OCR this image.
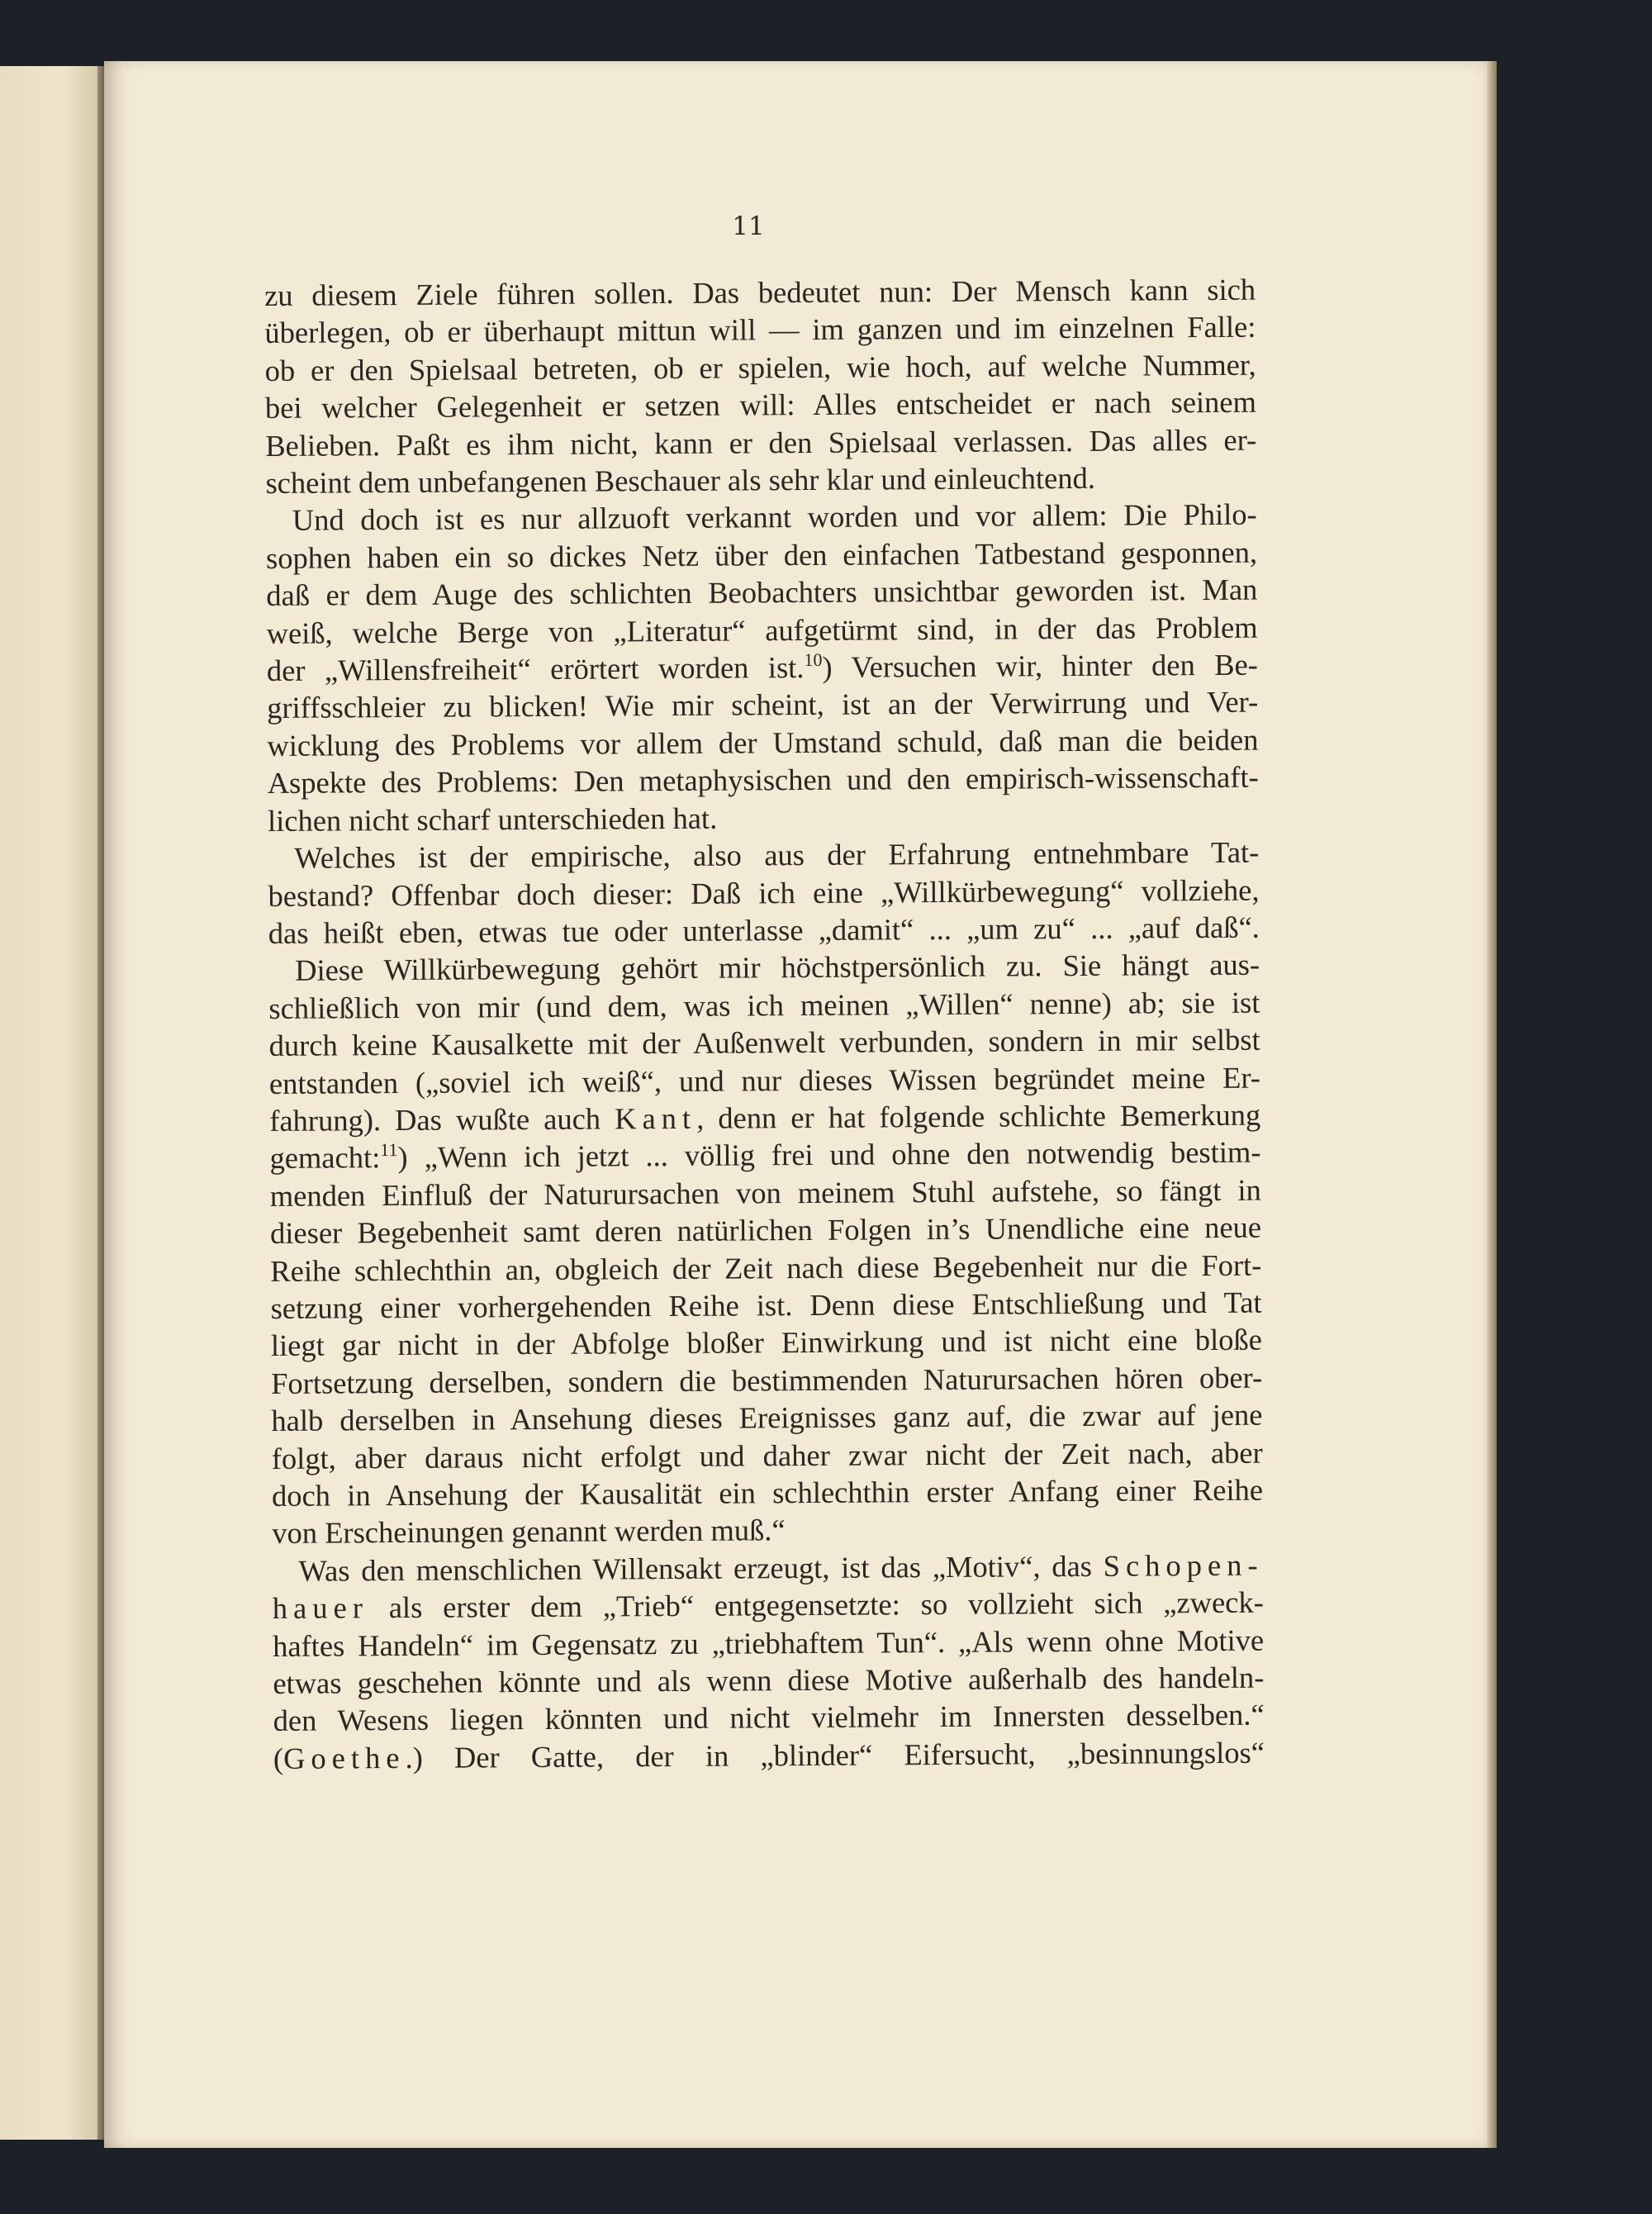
11
zu diesem Ziele führen sollen. Das bedeutet nun: Der Mensch kann sich
überlegen, ob er überhaupt mittun will — im ganzen und im einzelnen Falle:
ob er den Spielsaal betreten, ob er spielen, wie hoch, auf welche Nummer,
bei welcher Gelegenheit er setzen will: Alles entscheidet er nach seinem
Belieben. Paßt es ihm nicht, kann er den Spielsaal verlassen. Das alles er-
scheint dem unbefangenen Beschauer als sehr klar und einleuchtend.
Und doch ist es nur allzuoft verkannt worden und vor allem: Die Philo-
sophen haben ein so dickes Netz über den einfachen Tatbestand gesponnen,
daß er dem Auge des schlichten Beobachters unsichtbar geworden ist. Man
weiß, welche Berge von „Literatur“ aufgetürmt sind, in der das Problem
der „Willensfreiheit“ erörtert worden ist.$^{10}$) Versuchen wir, hinter den Be-
griffsschleier zu blicken! Wie mir scheint, ist an der Verwirrung und Ver-
wicklung des Problems vor allem der Umstand schuld, daß man die beiden
Aspekte des Problems: Den metaphysischen und den empirisch-wissenschaft-
lichen nicht scharf unterschieden hat.
Welches ist der empirische, also aus der Erfahrung entnehmbare Tat-
bestand? Offenbar doch dieser: Daß ich eine „Willkürbewegung“ vollziehe,
das heißt eben, etwas tue oder unterlasse „damit“ ... „um zu“ ... „auf daß“.
Diese Willkürbewegung gehört mir höchstpersönlich zu. Sie hängt aus-
schließlich von mir (und dem, was ich meinen „Willen“ nenne) ab; sie ist
durch keine Kausalkette mit der Außenwelt verbunden, sondern in mir selbst
entstanden („soviel ich weiß“, und nur dieses Wissen begründet meine Er-
fahrung). Das wußte auch Kant, denn er hat folgende schlichte Bemerkung
gemacht:$^{11}$) „Wenn ich jetzt ... völlig frei und ohne den notwendig bestim-
menden Einfluß der Naturursachen von meinem Stuhl aufstehe, so fängt in
dieser Begebenheit samt deren natürlichen Folgen in’s Unendliche eine neue
Reihe schlechthin an, obgleich der Zeit nach diese Begebenheit nur die Fort-
setzung einer vorhergehenden Reihe ist. Denn diese Entschließung und Tat
liegt gar nicht in der Abfolge bloßer Einwirkung und ist nicht eine bloße
Fortsetzung derselben, sondern die bestimmenden Naturursachen hören ober-
halb derselben in Ansehung dieses Ereignisses ganz auf, die zwar auf jene
folgt, aber daraus nicht erfolgt und daher zwar nicht der Zeit nach, aber
doch in Ansehung der Kausalität ein schlechthin erster Anfang einer Reihe
von Erscheinungen genannt werden muß.“
Was den menschlichen Willensakt erzeugt, ist das „Motiv“, das Schopen-
hauer als erster dem „Trieb“ entgegensetzte: so vollzieht sich „zweck-
haftes Handeln“ im Gegensatz zu „triebhaftem Tun“. „Als wenn ohne Motive
etwas geschehen könnte und als wenn diese Motive außerhalb des handeln-
den Wesens liegen könnten und nicht vielmehr im Innersten desselben.“
(Goethe.) Der Gatte, der in „blinder“ Eifersucht, „besinnungslos“
